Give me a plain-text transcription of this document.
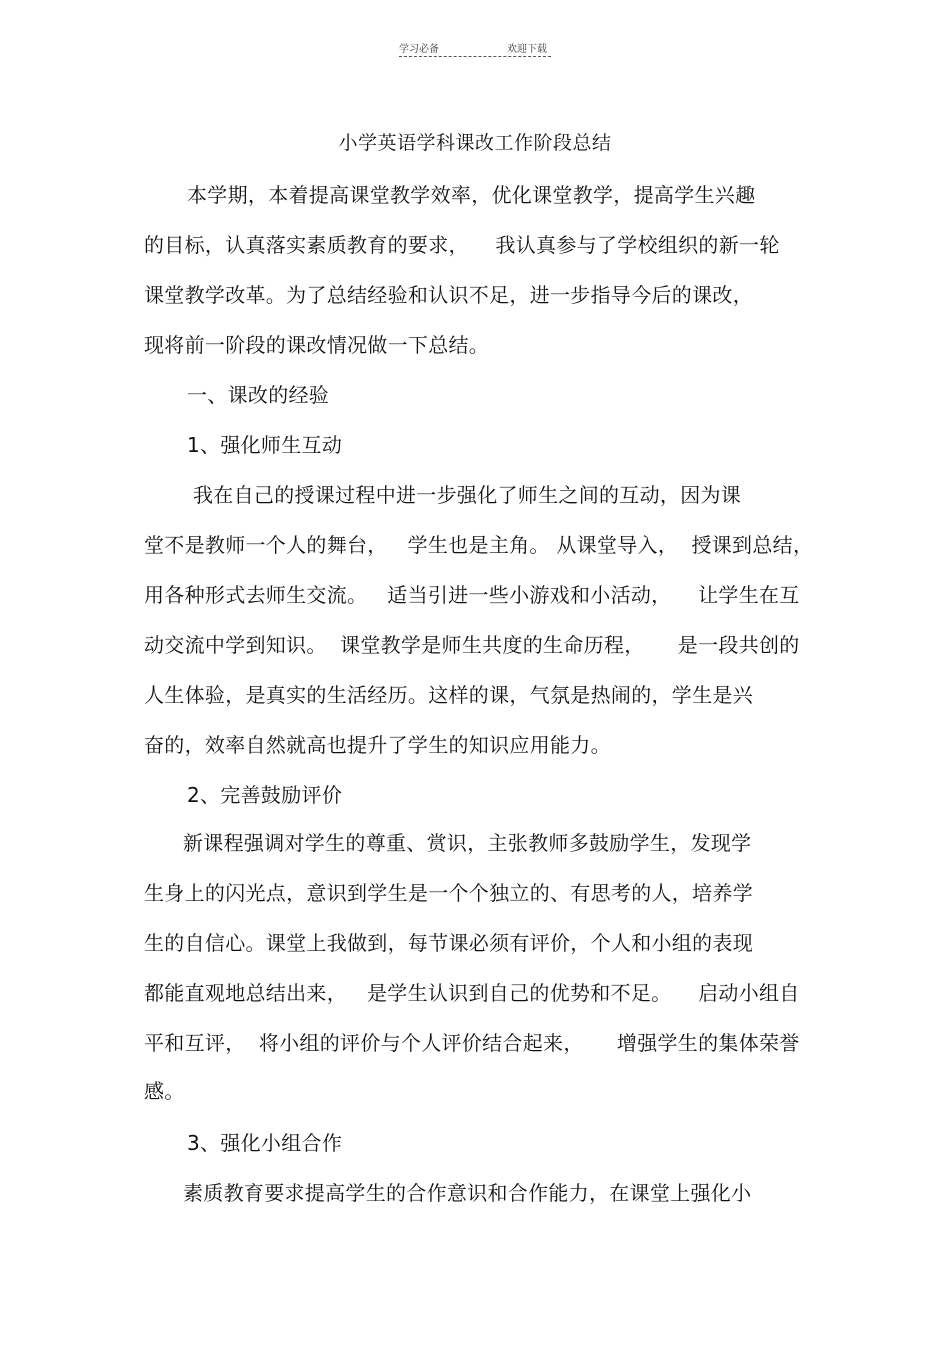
学习必备	欢迎下载
小学英语学科课改工作阶段总结
本学期，本着提高课堂教学效率，优化课堂教学，提高学生兴趣
的目标，认真落实素质教育的要求，    我认真参与了学校组织的新一轮
课堂教学改革。为了总结经验和认识不足，进一步指导今后的课改，
现将前一阶段的课改情况做一下总结。
一、课改的经验
1、强化师生互动
我在自己的授课过程中进一步强化了师生之间的互动，因为课
堂不是教师一个人的舞台，   学生也是主角。 从课堂导入，  授课到总结，
用各种形式去师生交流。   适当引进一些小游戏和小活动，    让学生在互
动交流中学到知识。  课堂教学是师生共度的生命历程，     是一段共创的
人生体验，是真实的生活经历。这样的课，气氛是热闹的，学生是兴
奋的，效率自然就高也提升了学生的知识应用能力。
2、完善鼓励评价
新课程强调对学生的尊重、赏识，主张教师多鼓励学生，发现学
生身上的闪光点，意识到学生是一个个独立的、有思考的人，培养学
生的自信心。课堂上我做到，每节课必须有评价，个人和小组的表现
都能直观地总结出来，   是学生认识到自己的优势和不足。    启动小组自
平和互评，  将小组的评价与个人评价结合起来，     增强学生的集体荣誉
感。
3、强化小组合作
素质教育要求提高学生的合作意识和合作能力，在课堂上强化小
